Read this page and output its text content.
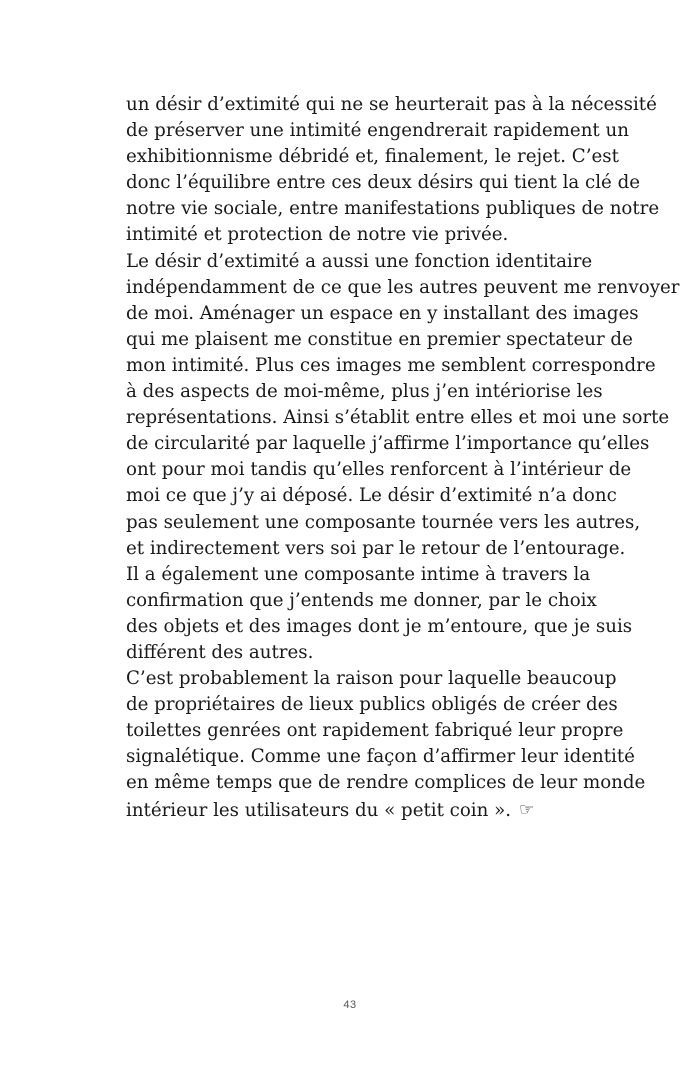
un désir d’extimité qui ne se heurterait pas à la nécessité
de préserver une intimité engendrerait rapidement un
exhibitionnisme débridé et, finalement, le rejet. C’est
donc l’équilibre entre ces deux désirs qui tient la clé de
notre vie sociale, entre manifestations publiques de notre
intimité et protection de notre vie privée.
Le désir d’extimité a aussi une fonction identitaire
indépendamment de ce que les autres peuvent me renvoyer
de moi. Aménager un espace en y installant des images
qui me plaisent me constitue en premier spectateur de
mon intimité. Plus ces images me semblent correspondre
à des aspects de moi-même, plus j’en intériorise les
représentations. Ainsi s’établit entre elles et moi une sorte
de circularité par laquelle j’affirme l’importance qu’elles
ont pour moi tandis qu’elles renforcent à l’intérieur de
moi ce que j’y ai déposé. Le désir d’extimité n’a donc
pas seulement une composante tournée vers les autres,
et indirectement vers soi par le retour de l’entourage.
Il a également une composante intime à travers la
confirmation que j’entends me donner, par le choix
des objets et des images dont je m’entoure, que je suis
différent des autres.
C’est probablement la raison pour laquelle beaucoup
de propriétaires de lieux publics obligés de créer des
toilettes genrées ont rapidement fabriqué leur propre
signalétique. Comme une façon d’affirmer leur identité
en même temps que de rendre complices de leur monde
intérieur les utilisateurs du « petit coin ». ☞
43
